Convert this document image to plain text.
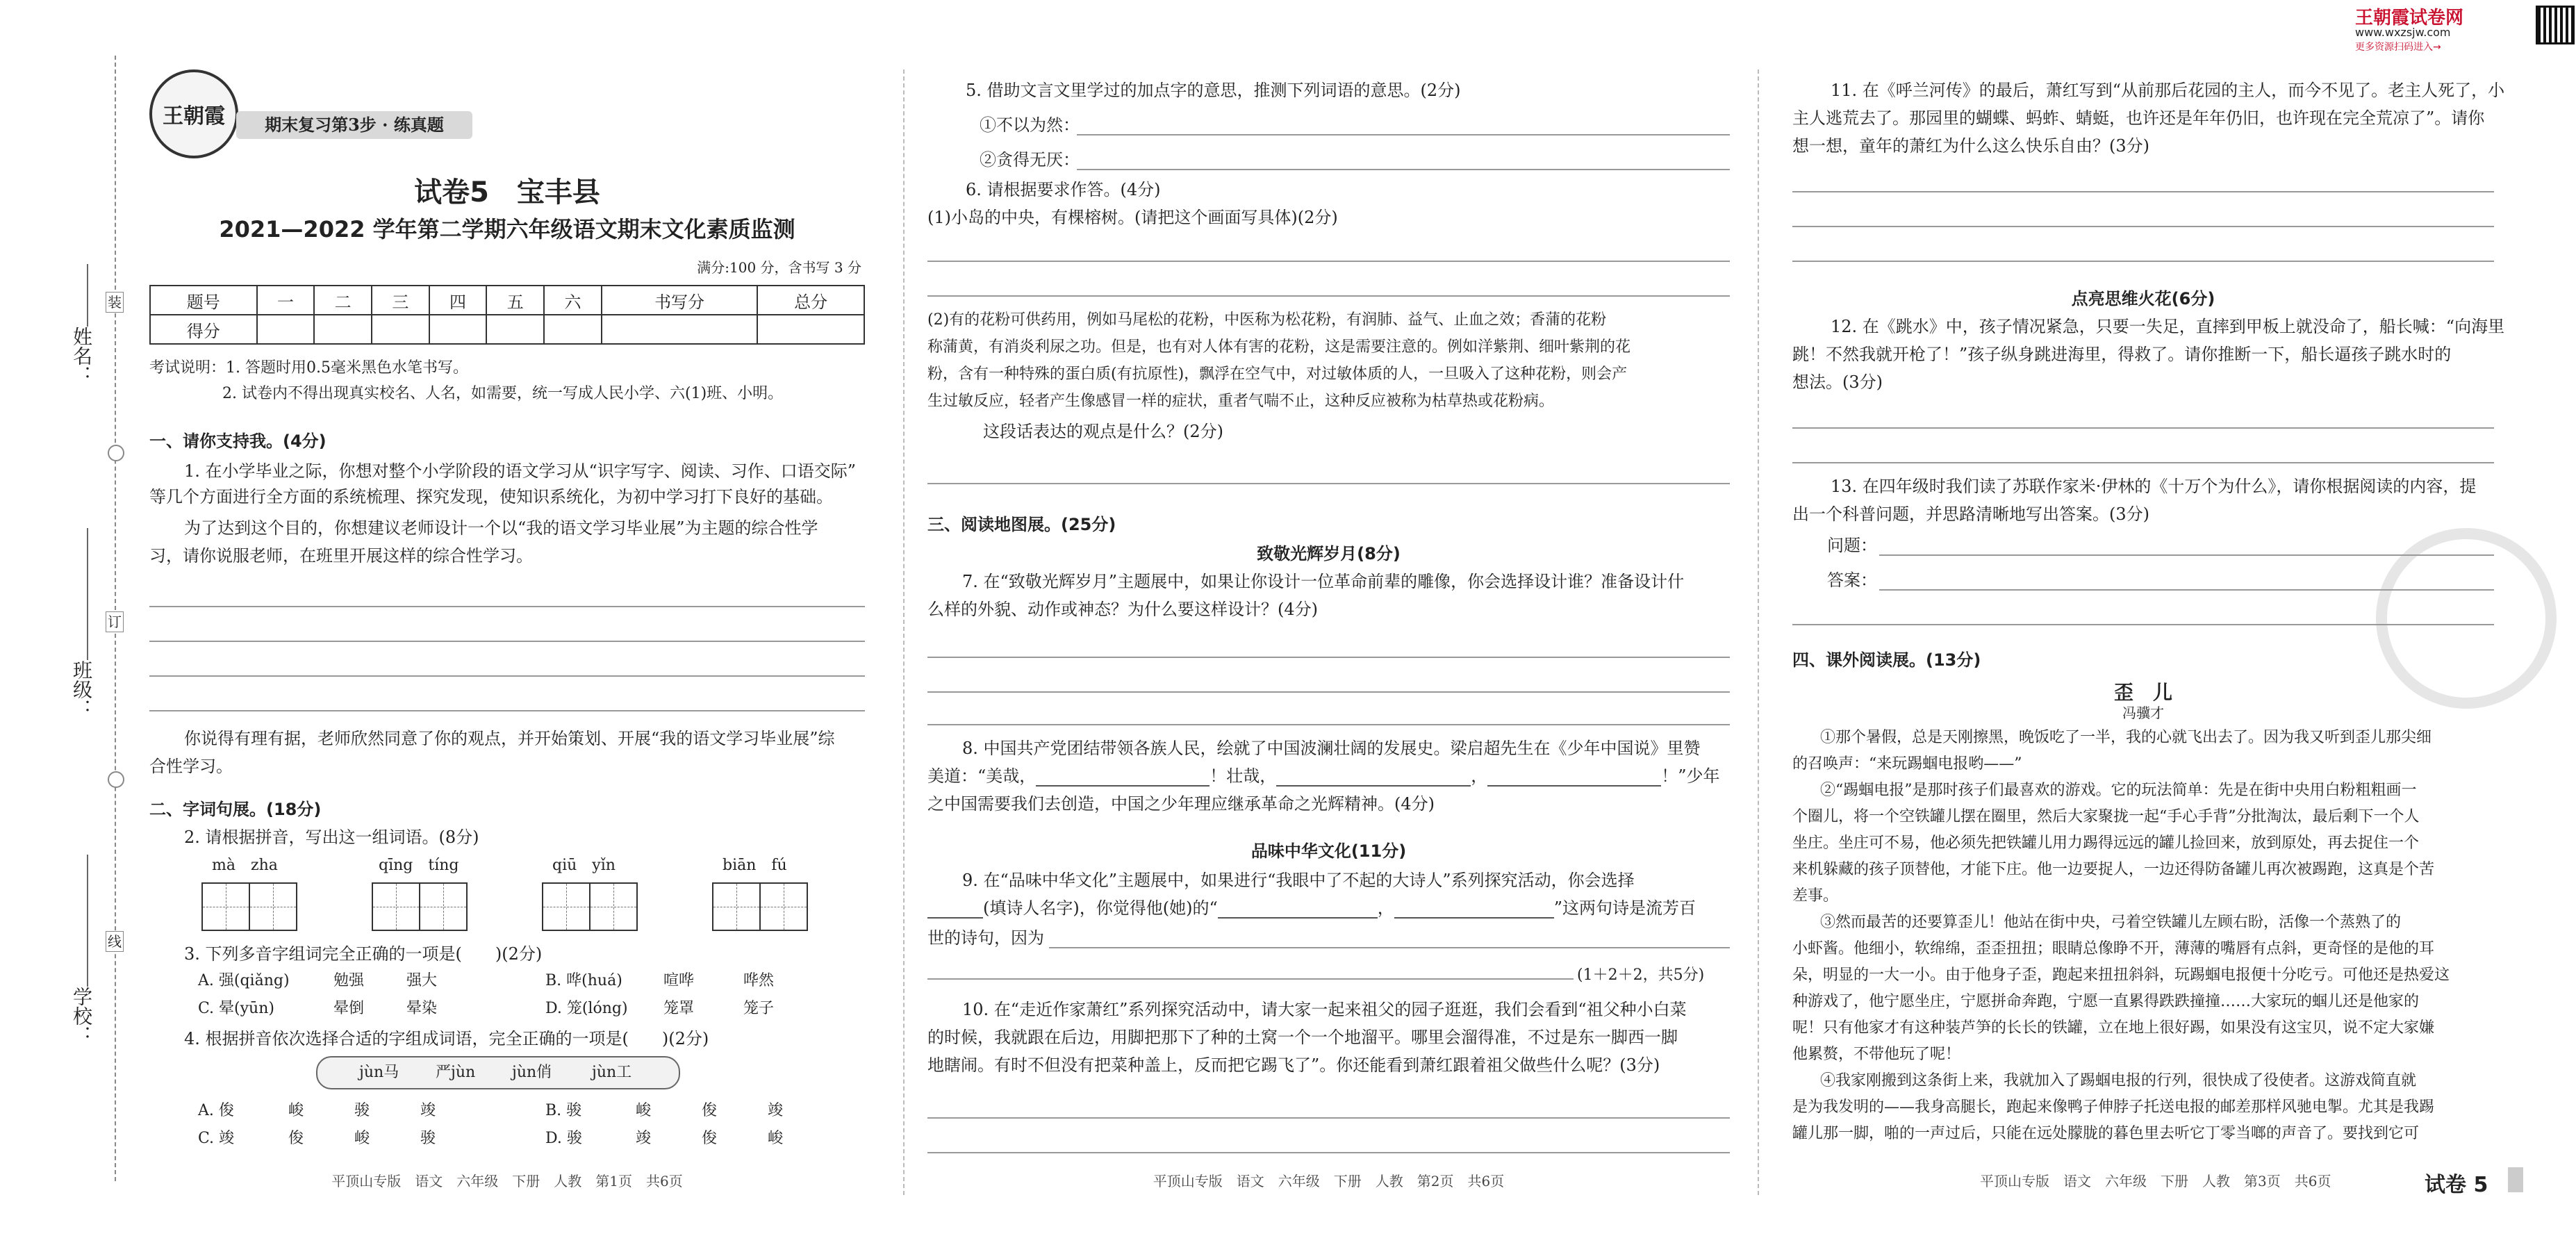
姓名：
班级：
学校：
装
订
线
王朝霞	期末复习第3步 · 练真题
试卷5　宝丰县
2021—2022 学年第二学期六年级语文期末文化素质监测
满分:100 分，含书写 3 分
题号	一	二	三	四	五	六	书写分	总分
得分								
考试说明：1. 答题时用0.5毫米黑色水笔书写。
2. 试卷内不得出现真实校名、人名，如需要，统一写成人民小学、六(1)班、小明。
一、请你支持我。(4分)
1. 在小学毕业之际，你想对整个小学阶段的语文学习从“识字写字、阅读、习作、口语交际”
等几个方面进行全方面的系统梳理、探究发现，使知识系统化，为初中学习打下良好的基础。
为了达到这个目的，你想建议老师设计一个以“我的语文学习毕业展”为主题的综合性学
习，请你说服老师，在班里开展这样的综合性学习。
你说得有理有据，老师欣然同意了你的观点，并开始策划、开展“我的语文学习毕业展”综
合性学习。
二、字词句展。(18分)
2. 请根据拼音，写出这一组词语。(8分)
mà　zha	qīng　tíng	qiū　yǐn	biān　fú
3. 下列多音字组词完全正确的一项是(　　)(2分)
A. 强(qiǎng)	勉强	强大	B. 哗(huá)	喧哗	哗然
C. 晕(yūn)	晕倒	晕染	D. 笼(lóng) 笼罩	笼子
4. 根据拼音依次选择合适的字组成词语，完全正确的一项是(　　)(2分)
jùn马 严jùn jùn俏	jùn工
A. 俊	峻	骏	竣	B. 骏	峻	俊	竣
C. 竣	俊	峻	骏	D. 骏	竣	俊	峻
平顶山专版　语文　六年级　下册　人教　第1页　共6页
5. 借助文言文里学过的加点字的意思，推测下列词语的意思。(2分)
①不以为然：
②贪得无厌：
6. 请根据要求作答。(4分)
(1)小岛的中央，有棵榕树。(请把这个画面写具体)(2分)
(2)有的花粉可供药用，例如马尾松的花粉，中医称为松花粉，有润肺、益气、止血之效；香蒲的花粉
称蒲黄，有消炎利尿之功。但是，也有对人体有害的花粉，这是需要注意的。例如洋紫荆、细叶紫荆的花
粉，含有一种特殊的蛋白质(有抗原性)，飘浮在空气中，对过敏体质的人，一旦吸入了这种花粉，则会产
生过敏反应，轻者产生像感冒一样的症状，重者气喘不止，这种反应被称为枯草热或花粉病。
这段话表达的观点是什么？(2分)
三、阅读地图展。(25分)
致敬光辉岁月(8分)
7. 在“致敬光辉岁月”主题展中，如果让你设计一位革命前辈的雕像，你会选择设计谁？准备设计什
么样的外貌、动作或神态？为什么要这样设计？(4分)
8. 中国共产党团结带领各族人民，绘就了中国波澜壮阔的发展史。梁启超先生在《少年中国说》里赞
美道：“美哉，	！壮哉，	，	！”少年
之中国需要我们去创造，中国之少年理应继承革命之光辉精神。(4分)
品味中华文化(11分)
9. 在“品味中华文化”主题展中，如果进行“我眼中了不起的大诗人”系列探究活动，你会选择
(填诗人名字)，你觉得他(她)的“	，	”这两句诗是流芳百
世的诗句，因为
(1＋2＋2，共5分)
10. 在“走近作家萧红”系列探究活动中，请大家一起来祖父的园子逛逛，我们会看到“祖父种小白菜
的时候，我就跟在后边，用脚把那下了种的土窝一个一个地溜平。哪里会溜得准，不过是东一脚西一脚
地瞎闹。有时不但没有把菜种盖上，反而把它踢飞了”。你还能看到萧红跟着祖父做些什么呢？(3分)
平顶山专版　语文　六年级　下册　人教　第2页　共6页
王朝霞试卷网
www.wxzsjw.com
更多资源扫码进入→
11. 在《呼兰河传》的最后，萧红写到“从前那后花园的主人，而今不见了。老主人死了，小
主人逃荒去了。那园里的蝴蝶、蚂蚱、蜻蜓，也许还是年年仍旧，也许现在完全荒凉了”。请你
想一想，童年的萧红为什么这么快乐自由？(3分)
点亮思维火花(6分)
12. 在《跳水》中，孩子情况紧急，只要一失足，直摔到甲板上就没命了，船长喊：“向海里
跳！不然我就开枪了！”孩子纵身跳进海里，得救了。请你推断一下，船长逼孩子跳水时的
想法。(3分)
13. 在四年级时我们读了苏联作家米·伊林的《十万个为什么》，请你根据阅读的内容，提
出一个科普问题，并思路清晰地写出答案。(3分)
问题：
答案：
四、课外阅读展。(13分)
歪　儿
冯骥才
①那个暑假，总是天刚擦黑，晚饭吃了一半，我的心就飞出去了。因为我又听到歪儿那尖细
的召唤声：“来玩踢蝈电报哟——”
②“踢蝈电报”是那时孩子们最喜欢的游戏。它的玩法简单：先是在街中央用白粉粗粗画一
个圈儿，将一个空铁罐儿摆在圈里，然后大家聚拢一起“手心手背”分批淘汰，最后剩下一个人
坐庄。坐庄可不易，他必须先把铁罐儿用力踢得远远的罐儿捡回来，放到原处，再去捉住一个
来机躲藏的孩子顶替他，才能下庄。他一边要捉人，一边还得防备罐儿再次被踢跑，这真是个苦
差事。
③然而最苦的还要算歪儿！他站在街中央，弓着空铁罐儿左顾右盼，活像一个蒸熟了的
小虾酱。他细小，软绵绵，歪歪扭扭；眼睛总像睁不开，薄薄的嘴唇有点斜，更奇怪的是他的耳
朵，明显的一大一小。由于他身子歪，跑起来扭扭斜斜，玩踢蝈电报便十分吃亏。可他还是热爱这
种游戏了，他宁愿坐庄，宁愿拼命奔跑，宁愿一直累得跌跌撞撞……大家玩的蝈儿还是他家的
呢！只有他家才有这种装芦笋的长长的铁罐，立在地上很好踢，如果没有这宝贝，说不定大家嫌
他累赘，不带他玩了呢！
④我家刚搬到这条街上来，我就加入了踢蝈电报的行列，很快成了役使者。这游戏简直就
是为我发明的——我身高腿长，跑起来像鸭子伸脖子托送电报的邮差那样风驰电掣。尤其是我踢
罐儿那一脚，啪的一声过后，只能在远处朦胧的暮色里去听它丁零当啷的声音了。要找到它可
平顶山专版　语文　六年级　下册　人教　第3页　共6页	试卷 5
